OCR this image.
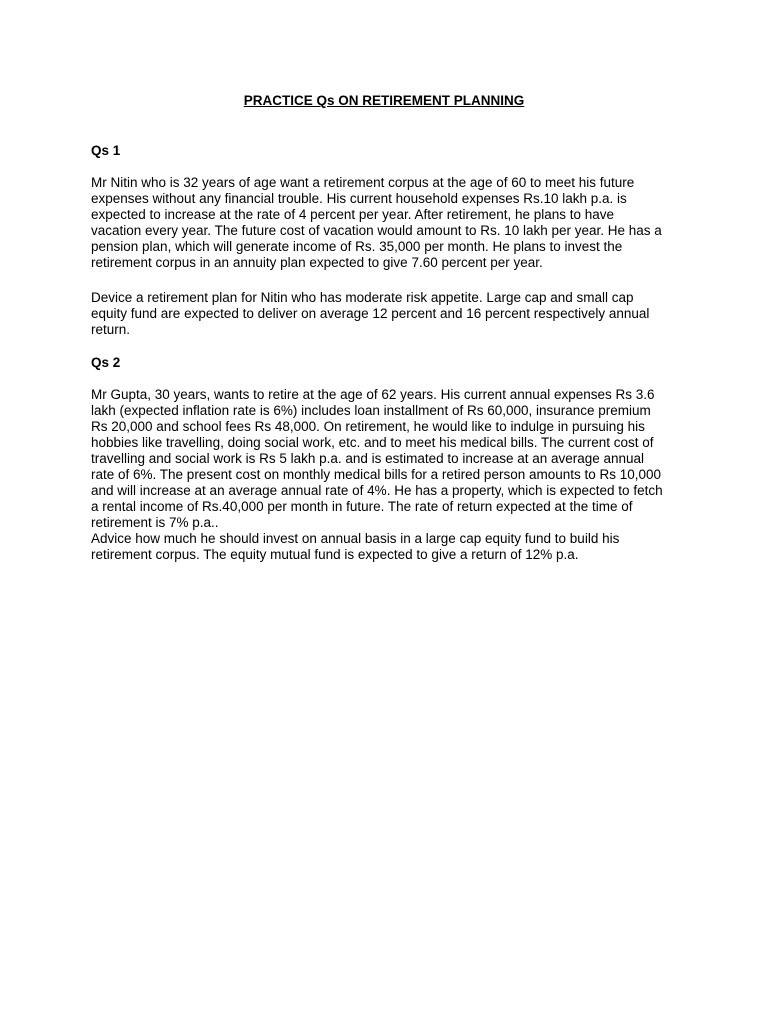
PRACTICE Qs ON RETIREMENT PLANNING
Qs 1
Mr Nitin who is 32 years of age want a retirement corpus at the age of 60 to meet his future
expenses without any financial trouble. His current household expenses Rs.10 lakh p.a. is
expected to increase at the rate of 4 percent per year. After retirement, he plans to have
vacation every year. The future cost of vacation would amount to Rs. 10 lakh per year. He has a
pension plan, which will generate income of Rs. 35,000 per month. He plans to invest the
retirement corpus in an annuity plan expected to give 7.60 percent per year.
Device a retirement plan for Nitin who has moderate risk appetite. Large cap and small cap
equity fund are expected to deliver on average 12 percent and 16 percent respectively annual
return.
Qs 2
Mr Gupta, 30 years, wants to retire at the age of 62 years. His current annual expenses Rs 3.6
lakh (expected inflation rate is 6%) includes loan installment of Rs 60,000, insurance premium
Rs 20,000 and school fees Rs 48,000. On retirement, he would like to indulge in pursuing his
hobbies like travelling, doing social work, etc. and to meet his medical bills. The current cost of
travelling and social work is Rs 5 lakh p.a. and is estimated to increase at an average annual
rate of 6%. The present cost on monthly medical bills for a retired person amounts to Rs 10,000
and will increase at an average annual rate of 4%. He has a property, which is expected to fetch
a rental income of Rs.40,000 per month in future. The rate of return expected at the time of
retirement is 7% p.a..
Advice how much he should invest on annual basis in a large cap equity fund to build his
retirement corpus. The equity mutual fund is expected to give a return of 12% p.a.
